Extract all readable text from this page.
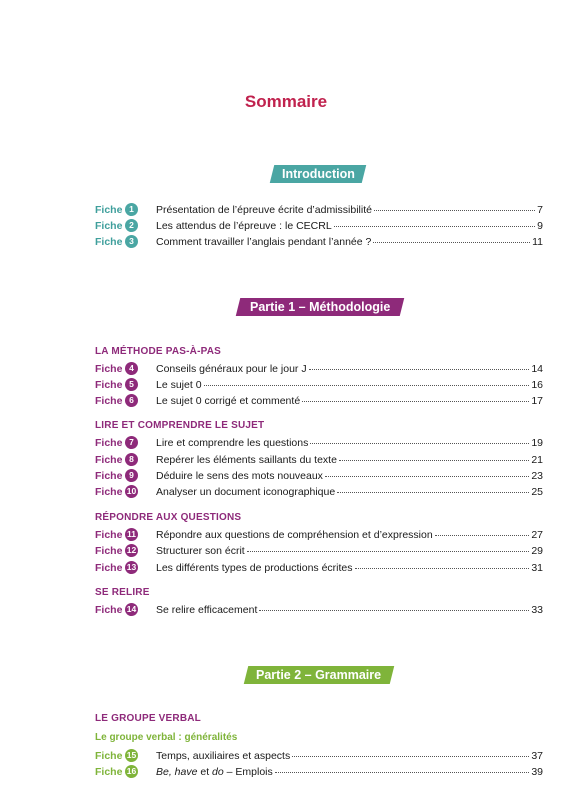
Sommaire
Introduction
Fiche 1	Présentation de l’épreuve écrite d’admissibilité	7
Fiche 2	Les attendus de l’épreuve : le CECRL	9
Fiche 3	Comment travailler l’anglais pendant l’année ?	11
Partie 1 – Méthodologie
LA MÉTHODE PAS-À-PAS
Fiche 4	Conseils généraux pour le jour J	14
Fiche 5	Le sujet 0	16
Fiche 6	Le sujet 0 corrigé et commenté	17
LIRE ET COMPRENDRE LE SUJET
Fiche 7	Lire et comprendre les questions	19
Fiche 8	Repérer les éléments saillants du texte	21
Fiche 9	Déduire le sens des mots nouveaux	23
Fiche 10 Analyser un document iconographique	25
RÉPONDRE AUX QUESTIONS
Fiche 11 Répondre aux questions de compréhension et d’expression	27
Fiche 12 Structurer son écrit	29
Fiche 13 Les différents types de productions écrites	31
SE RELIRE
Fiche 14 Se relire efficacement	33
Partie 2 – Grammaire
LE GROUPE VERBAL
Le groupe verbal : généralités
Fiche 15 Temps, auxiliaires et aspects	37
Fiche 16 Be, have et do – Emplois	39
